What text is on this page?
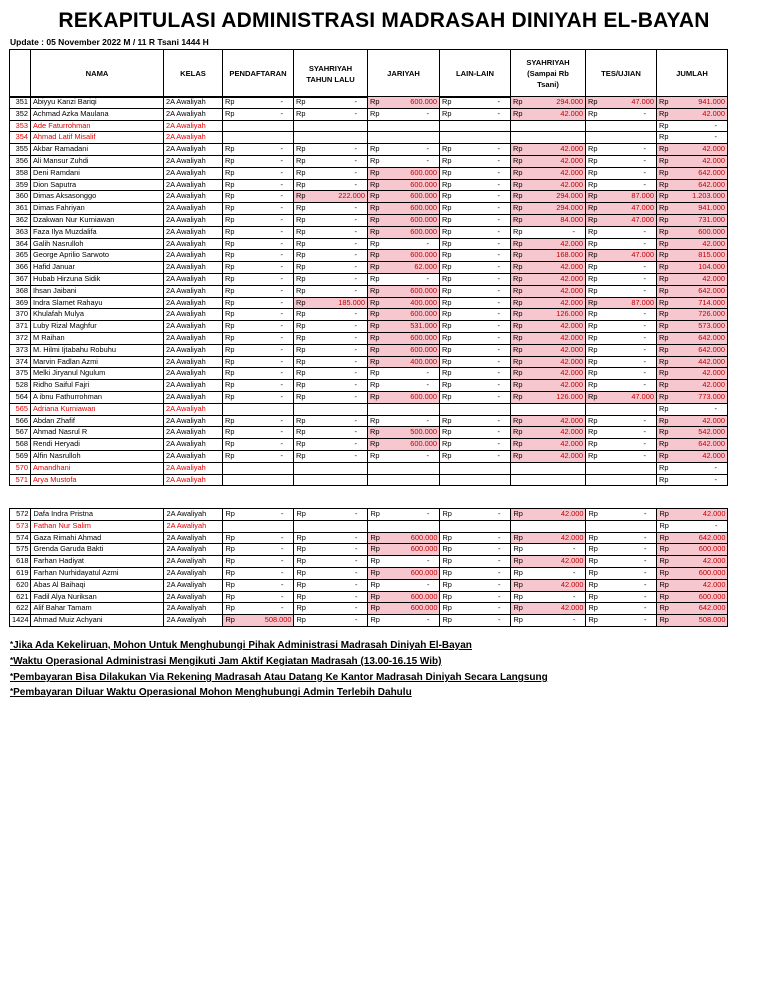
REKAPITULASI ADMINISTRASI MADRASAH DINIYAH EL-BAYAN
Update : 05 November 2022 M / 11 R Tsani 1444 H
	NAMA	KELAS	PENDAFTARAN	SYAHRIYAH
TAHUN LALU	JARIYAH	LAIN-LAIN	SYAHRIYAH
(Sampai Rb
Tsani)	TES/UJIAN	JUMLAH
351	Abiyyu Kanzi Bariqi	2A Awaliyah	Rp -	Rp -	Rp 600.000	Rp -	Rp 294.000	Rp 47.000	Rp 941.000

352	Achmad Azka Maulana	2A Awaliyah	Rp -	Rp -	Rp -	Rp -	Rp 42.000	Rp -	Rp 42.000

353	Ade Faturrohman	2A Awaliyah							Rp -

354	Ahmad Latif Misalif	2A Awaliyah							Rp -

355	Akbar Ramadani	2A Awaliyah	Rp -	Rp -	Rp -	Rp -	Rp 42.000	Rp -	Rp 42.000

356	Ali Mansur Zuhdi	2A Awaliyah	Rp -	Rp -	Rp -	Rp -	Rp 42.000	Rp -	Rp 42.000

358	Deni Ramdani	2A Awaliyah	Rp -	Rp -	Rp 600.000	Rp -	Rp 42.000	Rp -	Rp 642.000

359	Dion Saputra	2A Awaliyah	Rp -	Rp -	Rp 600.000	Rp -	Rp 42.000	Rp -	Rp 642.000

360	Dimas Aksasonggo	2A Awaliyah	Rp -	Rp 222.000	Rp 600.000	Rp -	Rp 294.000	Rp 87.000	Rp 1.203.000

361	Dimas Fahriyan	2A Awaliyah	Rp -	Rp -	Rp 600.000	Rp -	Rp 294.000	Rp 47.000	Rp 941.000

362	Dzakwan Nur Kurniawan	2A Awaliyah	Rp -	Rp -	Rp 600.000	Rp -	Rp 84.000	Rp 47.000	Rp 731.000

363	Faza Ilya Muzdalifa	2A Awaliyah	Rp -	Rp -	Rp 600.000	Rp -	Rp -	Rp -	Rp 600.000

364	Galih Nasrulloh	2A Awaliyah	Rp -	Rp -	Rp -	Rp -	Rp 42.000	Rp -	Rp 42.000

365	George Aprilio Sarwoto	2A Awaliyah	Rp -	Rp -	Rp 600.000	Rp -	Rp 168.000	Rp 47.000	Rp 815.000

366	Hafid Januar	2A Awaliyah	Rp -	Rp -	Rp 62.000	Rp -	Rp 42.000	Rp -	Rp 104.000

367	Hubab Hirzuna Sidik	2A Awaliyah	Rp -	Rp -	Rp -	Rp -	Rp 42.000	Rp -	Rp 42.000

368	Ihsan Jaibani	2A Awaliyah	Rp -	Rp -	Rp 600.000	Rp -	Rp 42.000	Rp -	Rp 642.000

369	Indra Slamet Rahayu	2A Awaliyah	Rp -	Rp 185.000	Rp 400.000	Rp -	Rp 42.000	Rp 87.000	Rp 714.000

370	Khulafah Mulya	2A Awaliyah	Rp -	Rp -	Rp 600.000	Rp -	Rp 126.000	Rp -	Rp 726.000

371	Luby Rizal Maghfur	2A Awaliyah	Rp -	Rp -	Rp 531.000	Rp -	Rp 42.000	Rp -	Rp 573.000

372	M Raihan	2A Awaliyah	Rp -	Rp -	Rp 600.000	Rp -	Rp 42.000	Rp -	Rp 642.000

373	M. Hilmi Ijtabahu Robuhu	2A Awaliyah	Rp -	Rp -	Rp 600.000	Rp -	Rp 42.000	Rp -	Rp 642.000

374	Marvin Fadlan Azmi	2A Awaliyah	Rp -	Rp -	Rp 400.000	Rp -	Rp 42.000	Rp -	Rp 442.000

375	Melki Jiryanul Ngulum	2A Awaliyah	Rp -	Rp -	Rp -	Rp -	Rp 42.000	Rp -	Rp 42.000

528	Ridho Saiful Fajri	2A Awaliyah	Rp -	Rp -	Rp -	Rp -	Rp 42.000	Rp -	Rp 42.000

564	A ibnu Fathurrohman	2A Awaliyah	Rp -	Rp -	Rp 600.000	Rp -	Rp 126.000	Rp 47.000	Rp 773.000

565	Adriana Kurniawan	2A Awaliyah							Rp -

566	Abdan Zhafif	2A Awaliyah	Rp -	Rp -	Rp -	Rp -	Rp 42.000	Rp -	Rp 42.000

567	Ahmad Nasrul R	2A Awaliyah	Rp -	Rp -	Rp 500.000	Rp -	Rp 42.000	Rp -	Rp 542.000

568	Rendi Heryadi	2A Awaliyah	Rp -	Rp -	Rp 600.000	Rp -	Rp 42.000	Rp -	Rp 642.000

569	Alfin Nasrulloh	2A Awaliyah	Rp -	Rp -	Rp -	Rp -	Rp 42.000	Rp -	Rp 42.000

570	Amandhani	2A Awaliyah							Rp -

571	Arya Mustofa	2A Awaliyah							Rp -
572	Dafa Indra Pristna	2A Awaliyah	Rp -	Rp -	Rp -	Rp -	Rp 42.000	Rp -	Rp 42.000

573	Fathan Nur Salim	2A Awaliyah							Rp -

574	Gaza Rimahi Ahmad	2A Awaliyah	Rp -	Rp -	Rp 600.000	Rp -	Rp 42.000	Rp -	Rp 642.000

575	Grenda Garuda Bakti	2A Awaliyah	Rp -	Rp -	Rp 600.000	Rp -	Rp -	Rp -	Rp 600.000

618	Farhan Hadiyat	2A Awaliyah	Rp -	Rp -	Rp -	Rp -	Rp 42.000	Rp -	Rp 42.000

619	Farhan Nurhidayatul Azmi	2A Awaliyah	Rp -	Rp -	Rp 600.000	Rp -	Rp -	Rp -	Rp 600.000

620	Abas Al Baihaqi	2A Awaliyah	Rp -	Rp -	Rp -	Rp -	Rp 42.000	Rp -	Rp 42.000

621	Fadil Alya Nuriksan	2A Awaliyah	Rp -	Rp -	Rp 600.000	Rp -	Rp -	Rp -	Rp 600.000

622	Alif Bahar Tamam	2A Awaliyah	Rp -	Rp -	Rp 600.000	Rp -	Rp 42.000	Rp -	Rp 642.000

1424	Ahmad Muiz Achyani	2A Awaliyah	Rp 508.000	Rp -	Rp -	Rp -	Rp -	Rp -	Rp 508.000
*Jika Ada Kekeliruan, Mohon Untuk Menghubungi Pihak Administrasi Madrasah Diniyah El-Bayan
*Waktu Operasional Administrasi Mengikuti Jam Aktif Kegiatan Madrasah (13.00-16.15 Wib)
*Pembayaran Bisa Dilakukan Via Rekening Madrasah Atau Datang Ke Kantor Madrasah Diniyah Secara Langsung
*Pembayaran Diluar Waktu Operasional Mohon Menghubungi Admin Terlebih Dahulu
